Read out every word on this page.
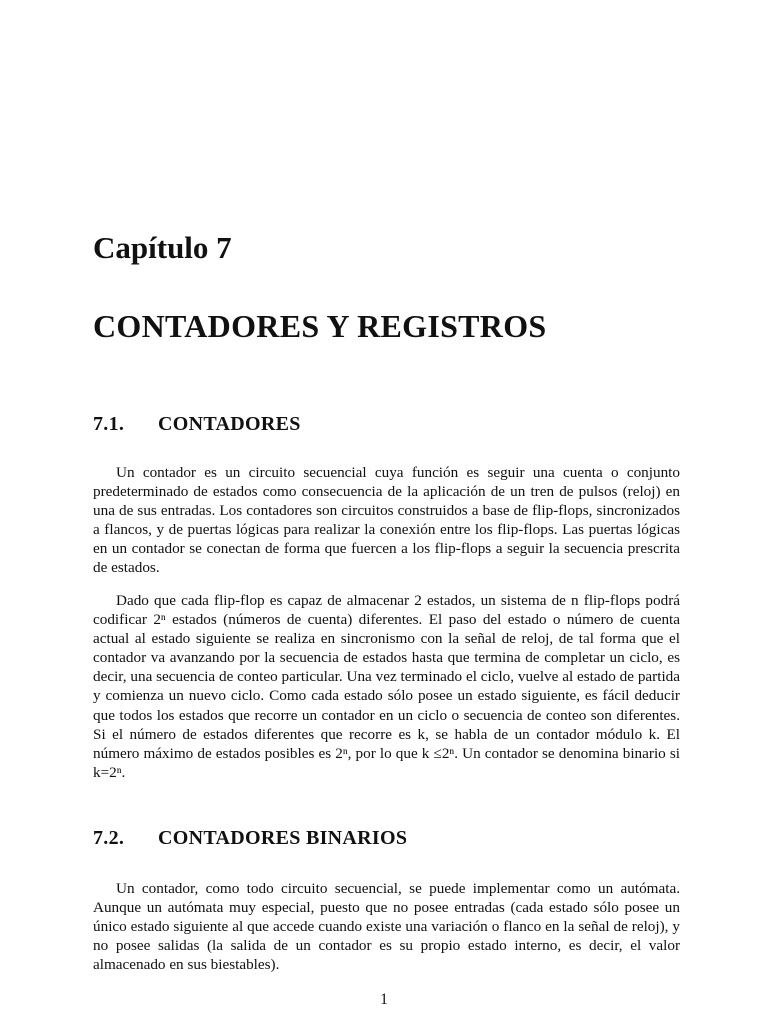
Capítulo 7
CONTADORES Y REGISTROS
7.1. CONTADORES

Un contador es un circuito secuencial cuya función es seguir una cuenta o conjunto predeterminado de estados como consecuencia de la aplicación de un tren de pulsos (reloj) en una de sus entradas. Los contadores son circuitos construidos a base de flip-flops, sincronizados a flancos, y de puertas lógicas para realizar la conexión entre los flip-flops. Las puertas lógicas en un contador se conectan de forma que fuercen a los flip-flops a seguir la secuencia prescrita de estados.

Dado que cada flip-flop es capaz de almacenar 2 estados, un sistema de n flip-flops podrá codificar 2ⁿ estados (números de cuenta) diferentes. El paso del estado o número de cuenta actual al estado siguiente se realiza en sincronismo con la señal de reloj, de tal forma que el contador va avanzando por la secuencia de estados hasta que termina de completar un ciclo, es decir, una secuencia de conteo particular. Una vez terminado el ciclo, vuelve al estado de partida y comienza un nuevo ciclo. Como cada estado sólo posee un estado siguiente, es fácil deducir que todos los estados que recorre un contador en un ciclo o secuencia de conteo son diferentes. Si el número de estados diferentes que recorre es k, se habla de un contador módulo k. El número máximo de estados posibles es 2ⁿ, por lo que k ≤2ⁿ. Un contador se denomina binario si k=2ⁿ.

7.2. CONTADORES BINARIOS

Un contador, como todo circuito secuencial, se puede implementar como un autómata. Aunque un autómata muy especial, puesto que no posee entradas (cada estado sólo posee un único estado siguiente al que accede cuando existe una variación o flanco en la señal de reloj), y no posee salidas (la salida de un contador es su propio estado interno, es decir, el valor almacenado en sus biestables).

1
